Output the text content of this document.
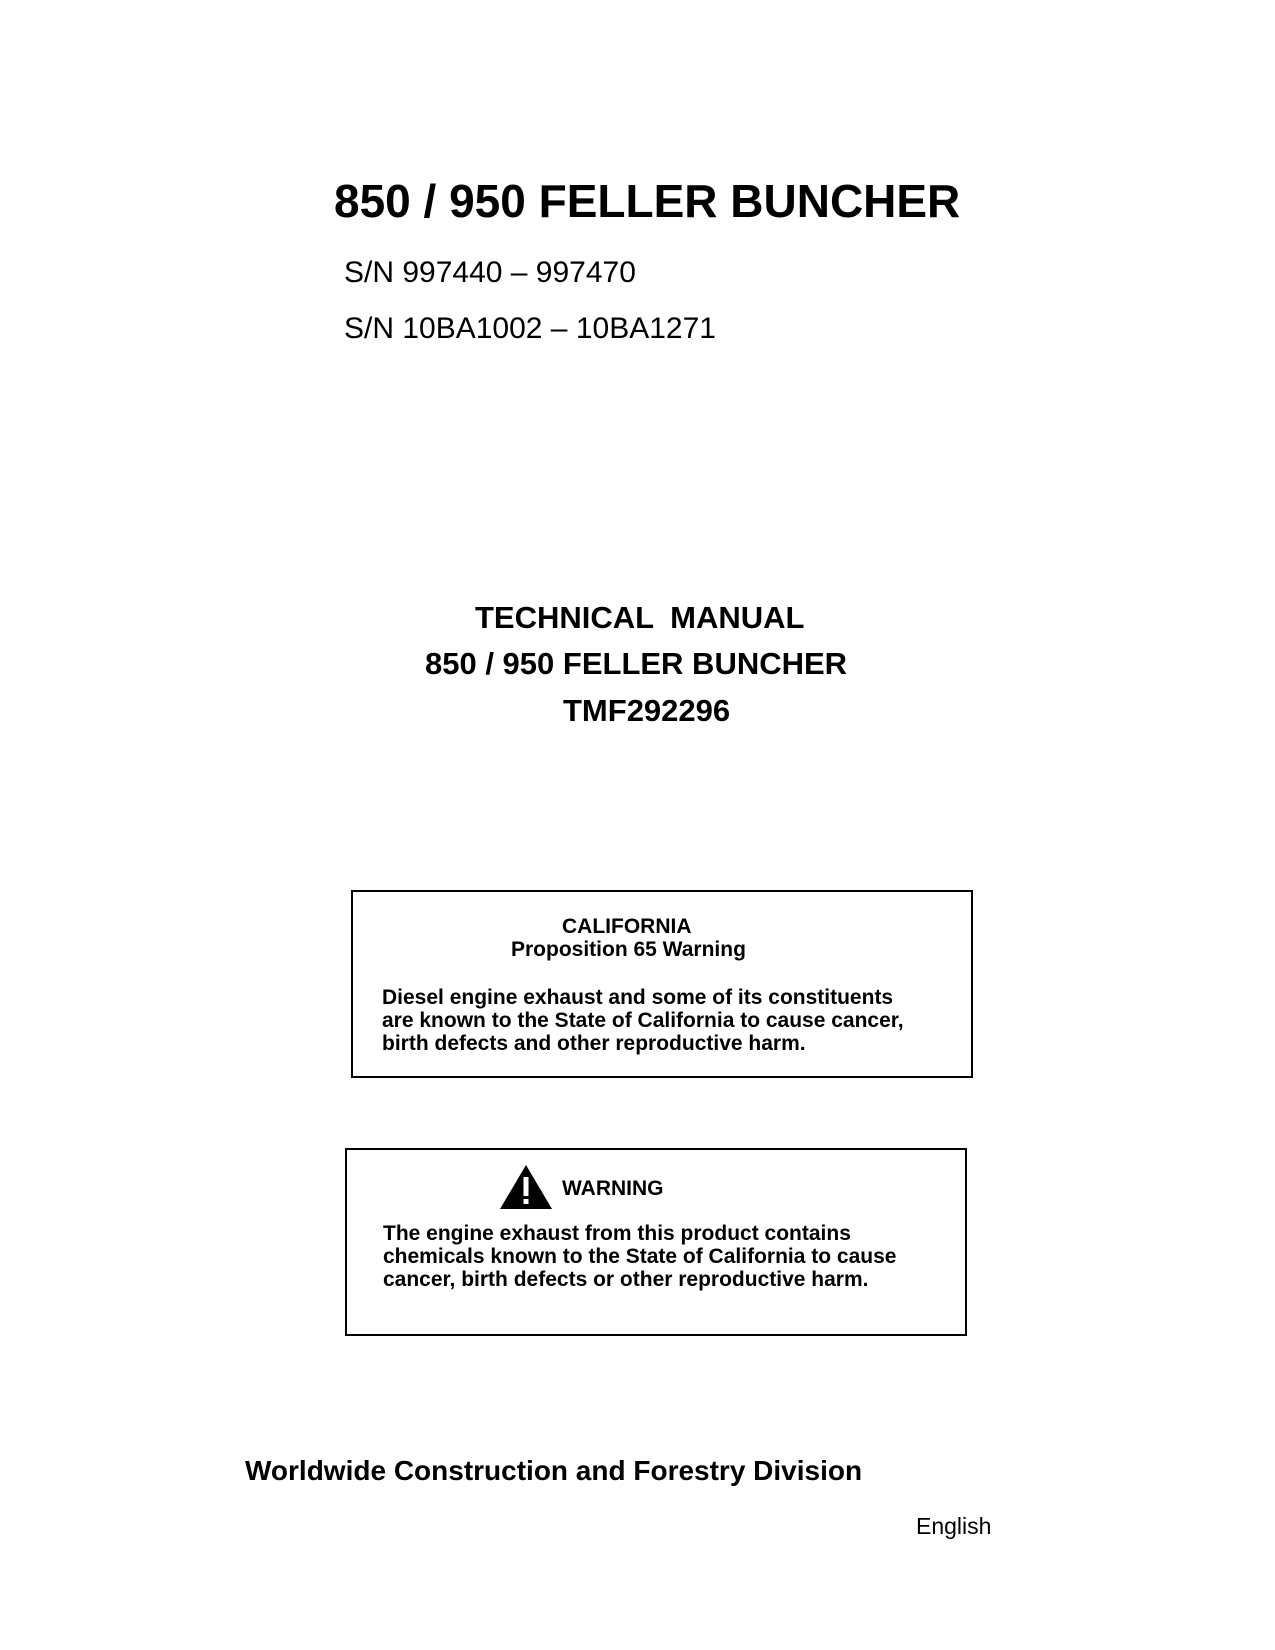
850 / 950 FELLER BUNCHER
S/N 997440 – 997470
S/N 10BA1002 – 10BA1271
TECHNICAL MANUAL
850 / 950 FELLER BUNCHER
TMF292296
CALIFORNIA
Proposition 65 Warning
Diesel engine exhaust and some of its constituents
are known to the State of California to cause cancer,
birth defects and other reproductive harm.
WARNING
The engine exhaust from this product contains
chemicals known to the State of California to cause
cancer, birth defects or other reproductive harm.
Worldwide Construction and Forestry Division
English
